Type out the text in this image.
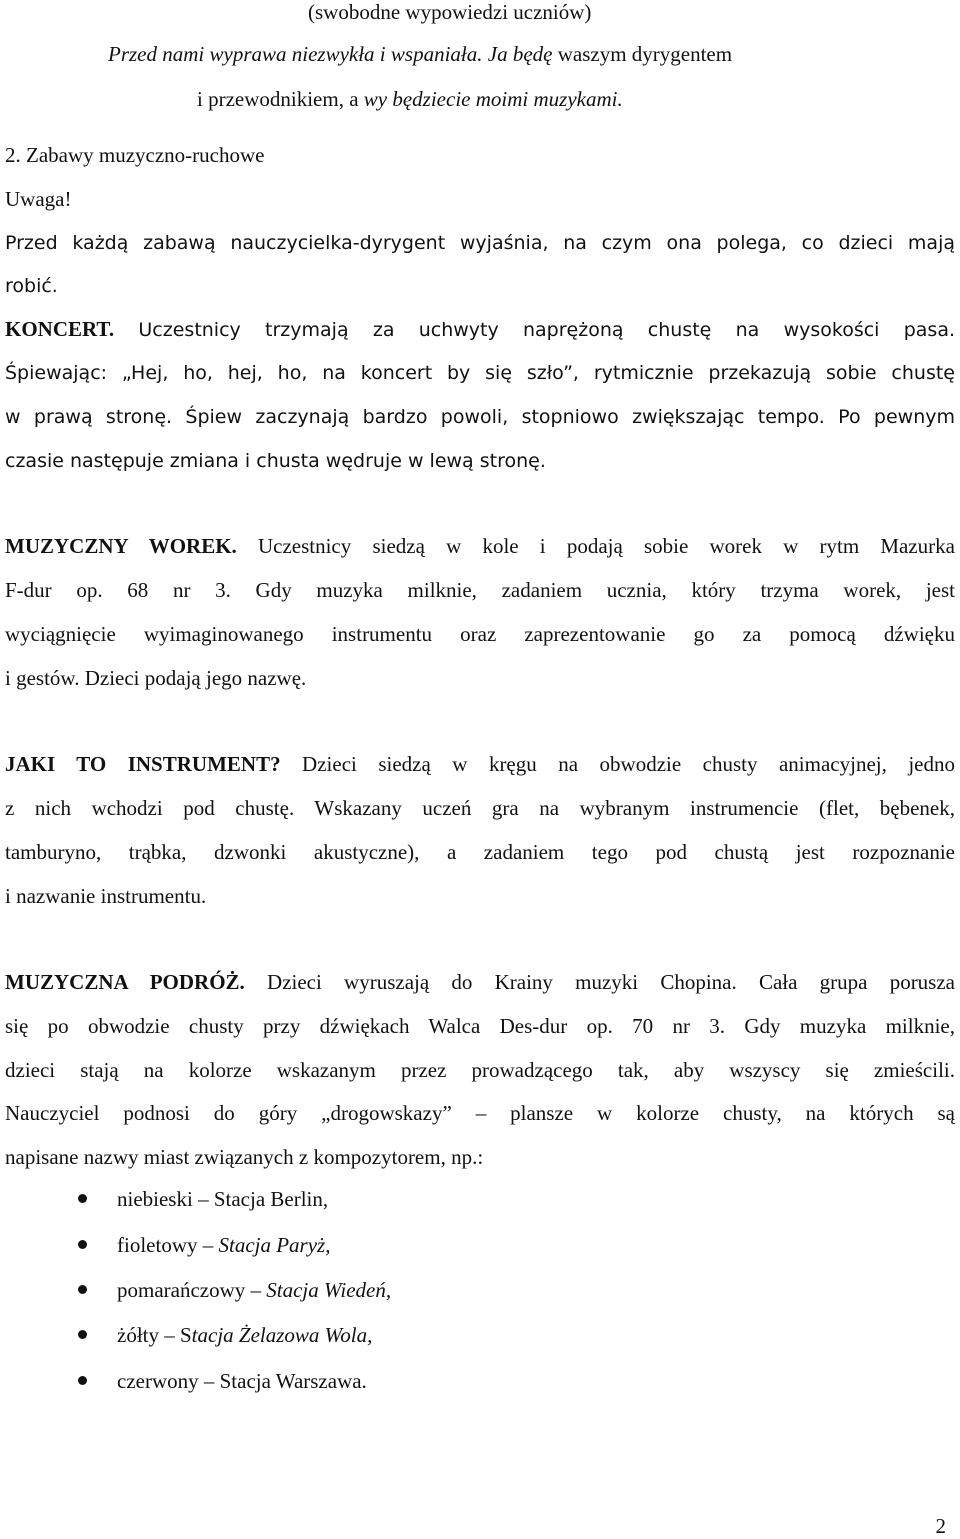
(swobodne wypowiedzi uczniów)
Przed nami wyprawa niezwykła i wspaniała. Ja będę waszym dyrygentem
i przewodnikiem, a wy będziecie moimi muzykami.
2. Zabawy muzyczno-ruchowe
Uwaga!
Przed każdą zabawą nauczycielka-dyrygent wyjaśnia, na czym ona polega, co dzieci mają
robić.
KONCERT. Uczestnicy trzymają za uchwyty naprężoną chustę na wysokości pasa.
Śpiewając: „Hej, ho, hej, ho, na koncert by się szło”, rytmicznie przekazują sobie chustę
w prawą stronę. Śpiew zaczynają bardzo powoli, stopniowo zwiększając tempo. Po pewnym
czasie następuje zmiana i chusta wędruje w lewą stronę.
MUZYCZNY WOREK. Uczestnicy siedzą w kole i podają sobie worek w rytm Mazurka
F-dur op. 68 nr 3. Gdy muzyka milknie, zadaniem ucznia, który trzyma worek, jest
wyciągnięcie wyimaginowanego instrumentu oraz zaprezentowanie go za pomocą dźwięku
i gestów. Dzieci podają jego nazwę.
JAKI TO INSTRUMENT? Dzieci siedzą w kręgu na obwodzie chusty animacyjnej, jedno
z nich wchodzi pod chustę. Wskazany uczeń gra na wybranym instrumencie (flet, bębenek,
tamburyno, trąbka, dzwonki akustyczne), a zadaniem tego pod chustą jest rozpoznanie
i nazwanie instrumentu.
MUZYCZNA PODRÓŻ. Dzieci wyruszają do Krainy muzyki Chopina. Cała grupa porusza
się po obwodzie chusty przy dźwiękach Walca Des-dur op. 70 nr 3. Gdy muzyka milknie,
dzieci stają na kolorze wskazanym przez prowadzącego tak, aby wszyscy się zmieścili.
Nauczyciel podnosi do góry „drogowskazy” – plansze w kolorze chusty, na których są
napisane nazwy miast związanych z kompozytorem, np.:
niebieski – Stacja Berlin,
fioletowy – Stacja Paryż,
pomarańczowy – Stacja Wiedeń,
żółty – Stacja Żelazowa Wola,
czerwony – Stacja Warszawa.
2
